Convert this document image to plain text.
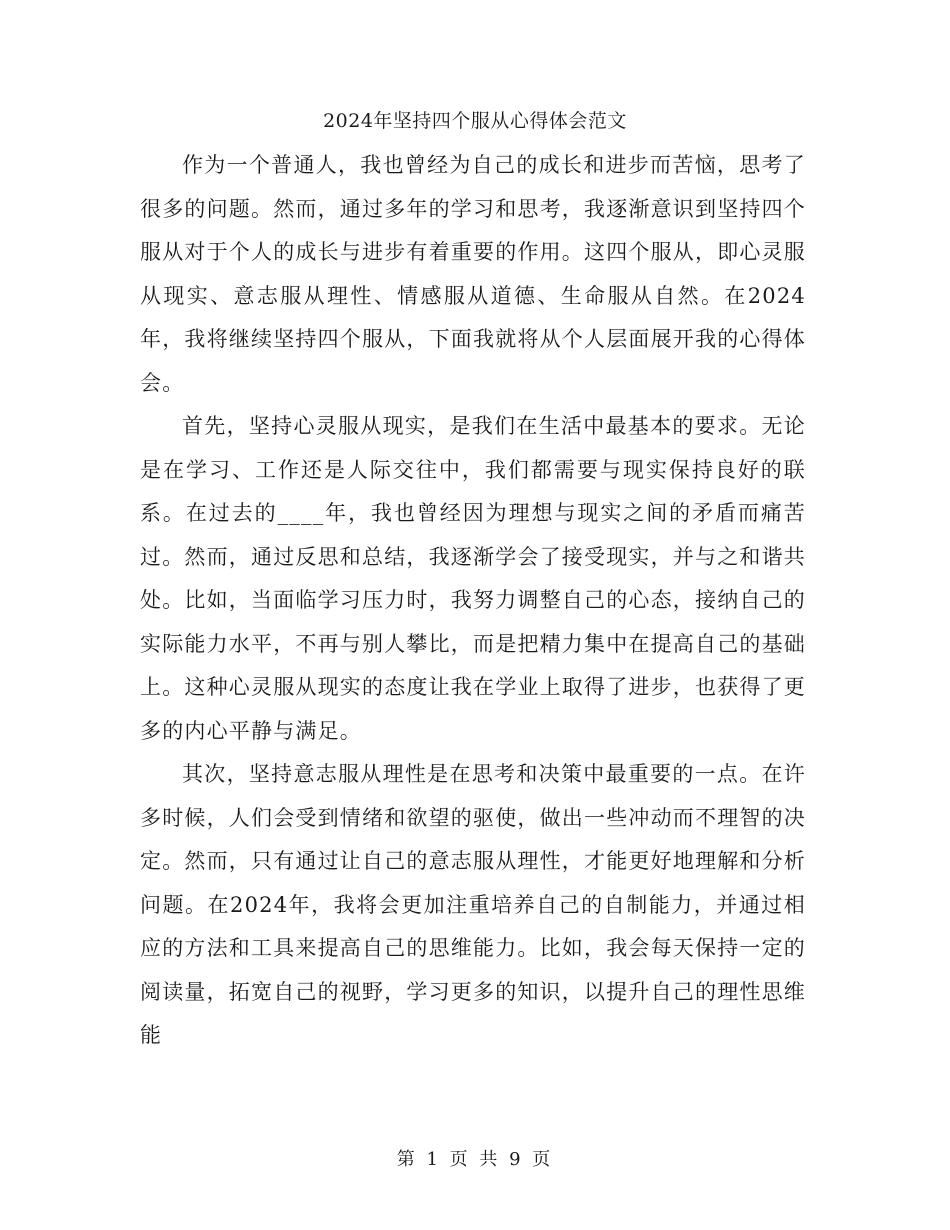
2024年坚持四个服从心得体会范文

作为一个普通人，我也曾经为自己的成长和进步而苦恼，思考了很多的问题。然而，通过多年的学习和思考，我逐渐意识到坚持四个服从对于个人的成长与进步有着重要的作用。这四个服从，即心灵服从现实、意志服从理性、情感服从道德、生命服从自然。在2024年，我将继续坚持四个服从，下面我就将从个人层面展开我的心得体会。

首先，坚持心灵服从现实，是我们在生活中最基本的要求。无论是在学习、工作还是人际交往中，我们都需要与现实保持良好的联系。在过去的____年，我也曾经因为理想与现实之间的矛盾而痛苦过。然而，通过反思和总结，我逐渐学会了接受现实，并与之和谐共处。比如，当面临学习压力时，我努力调整自己的心态，接纳自己的实际能力水平，不再与别人攀比，而是把精力集中在提高自己的基础上。这种心灵服从现实的态度让我在学业上取得了进步，也获得了更多的内心平静与满足。

其次，坚持意志服从理性是在思考和决策中最重要的一点。在许多时候，人们会受到情绪和欲望的驱使，做出一些冲动而不理智的决定。然而，只有通过让自己的意志服从理性，才能更好地理解和分析问题。在2024年，我将会更加注重培养自己的自制能力，并通过相应的方法和工具来提高自己的思维能力。比如，我会每天保持一定的阅读量，拓宽自己的视野，学习更多的知识，以提升自己的理性思维能

第 1 页 共 9 页
